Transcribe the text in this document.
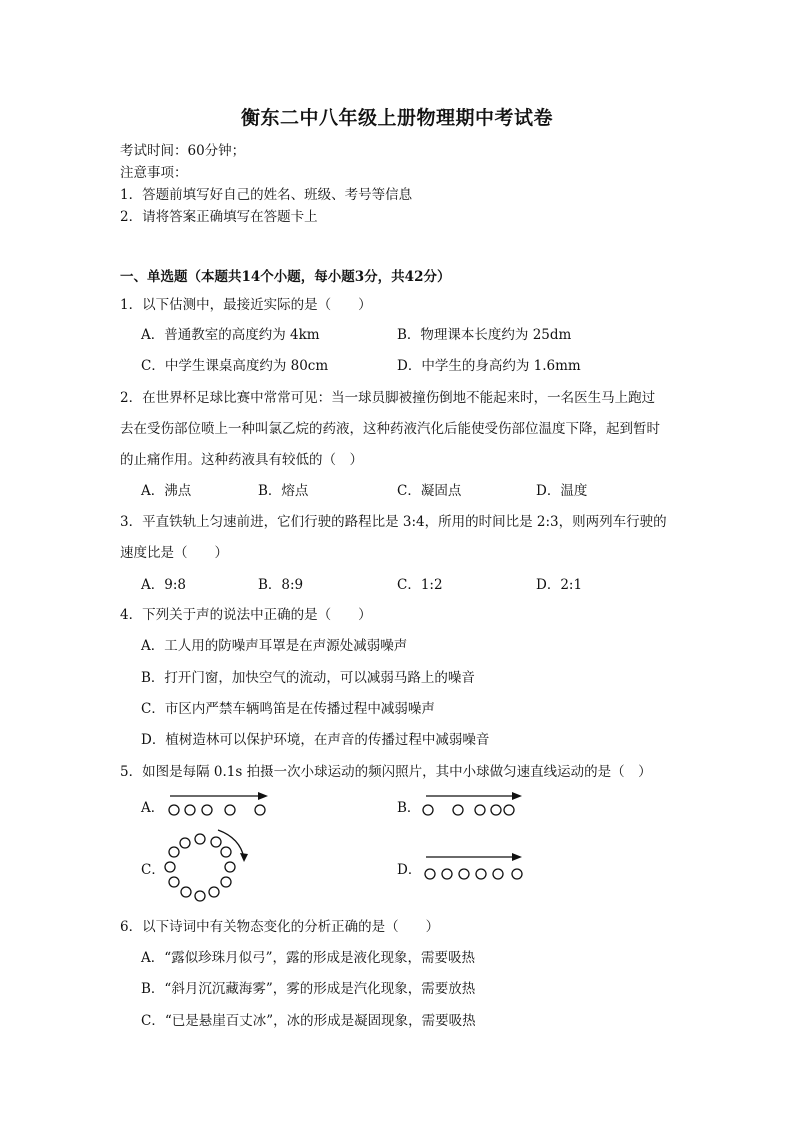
衡东二中八年级上册物理期中考试卷
考试时间：60分钟；
注意事项：
1．答题前填写好自己的姓名、班级、考号等信息
2．请将答案正确填写在答题卡上
一、单选题（本题共14个小题，每小题3分，共42分）
1．以下估测中，最接近实际的是（　　）
A．普通教室的高度约为 4km	B．物理课本长度约为 25dm
C．中学生课桌高度约为 80cm	D．中学生的身高约为 1.6mm
2．在世界杯足球比赛中常常可见：当一球员脚被撞伤倒地不能起来时，一名医生马上跑过
去在受伤部位喷上一种叫氯乙烷的药液，这种药液汽化后能使受伤部位温度下降，起到暂时
的止痛作用。这种药液具有较低的（　）
A．沸点	B．熔点	C．凝固点	D．温度
3．平直铁轨上匀速前进，它们行驶的路程比是 3:4，所用的时间比是 2:3，则两列车行驶的
速度比是（　　）
A．9:8	B．8:9	C．1:2	D．2:1
4．下列关于声的说法中正确的是（　　）
A．工人用的防噪声耳罩是在声源处减弱噪声
B．打开门窗，加快空气的流动，可以减弱马路上的噪音
C．市区内严禁车辆鸣笛是在传播过程中减弱噪声
D．植树造林可以保护环境，在声音的传播过程中减弱噪音
5．如图是每隔 0.1s 拍摄一次小球运动的频闪照片，其中小球做匀速直线运动的是（　）
A．	B．
C．	D．
6．以下诗词中有关物态变化的分析正确的是（　　）
A．“露似珍珠月似弓”，露的形成是液化现象，需要吸热
B．“斜月沉沉藏海雾”，雾的形成是汽化现象，需要放热
C．“已是悬崖百丈冰”，冰的形成是凝固现象，需要吸热
